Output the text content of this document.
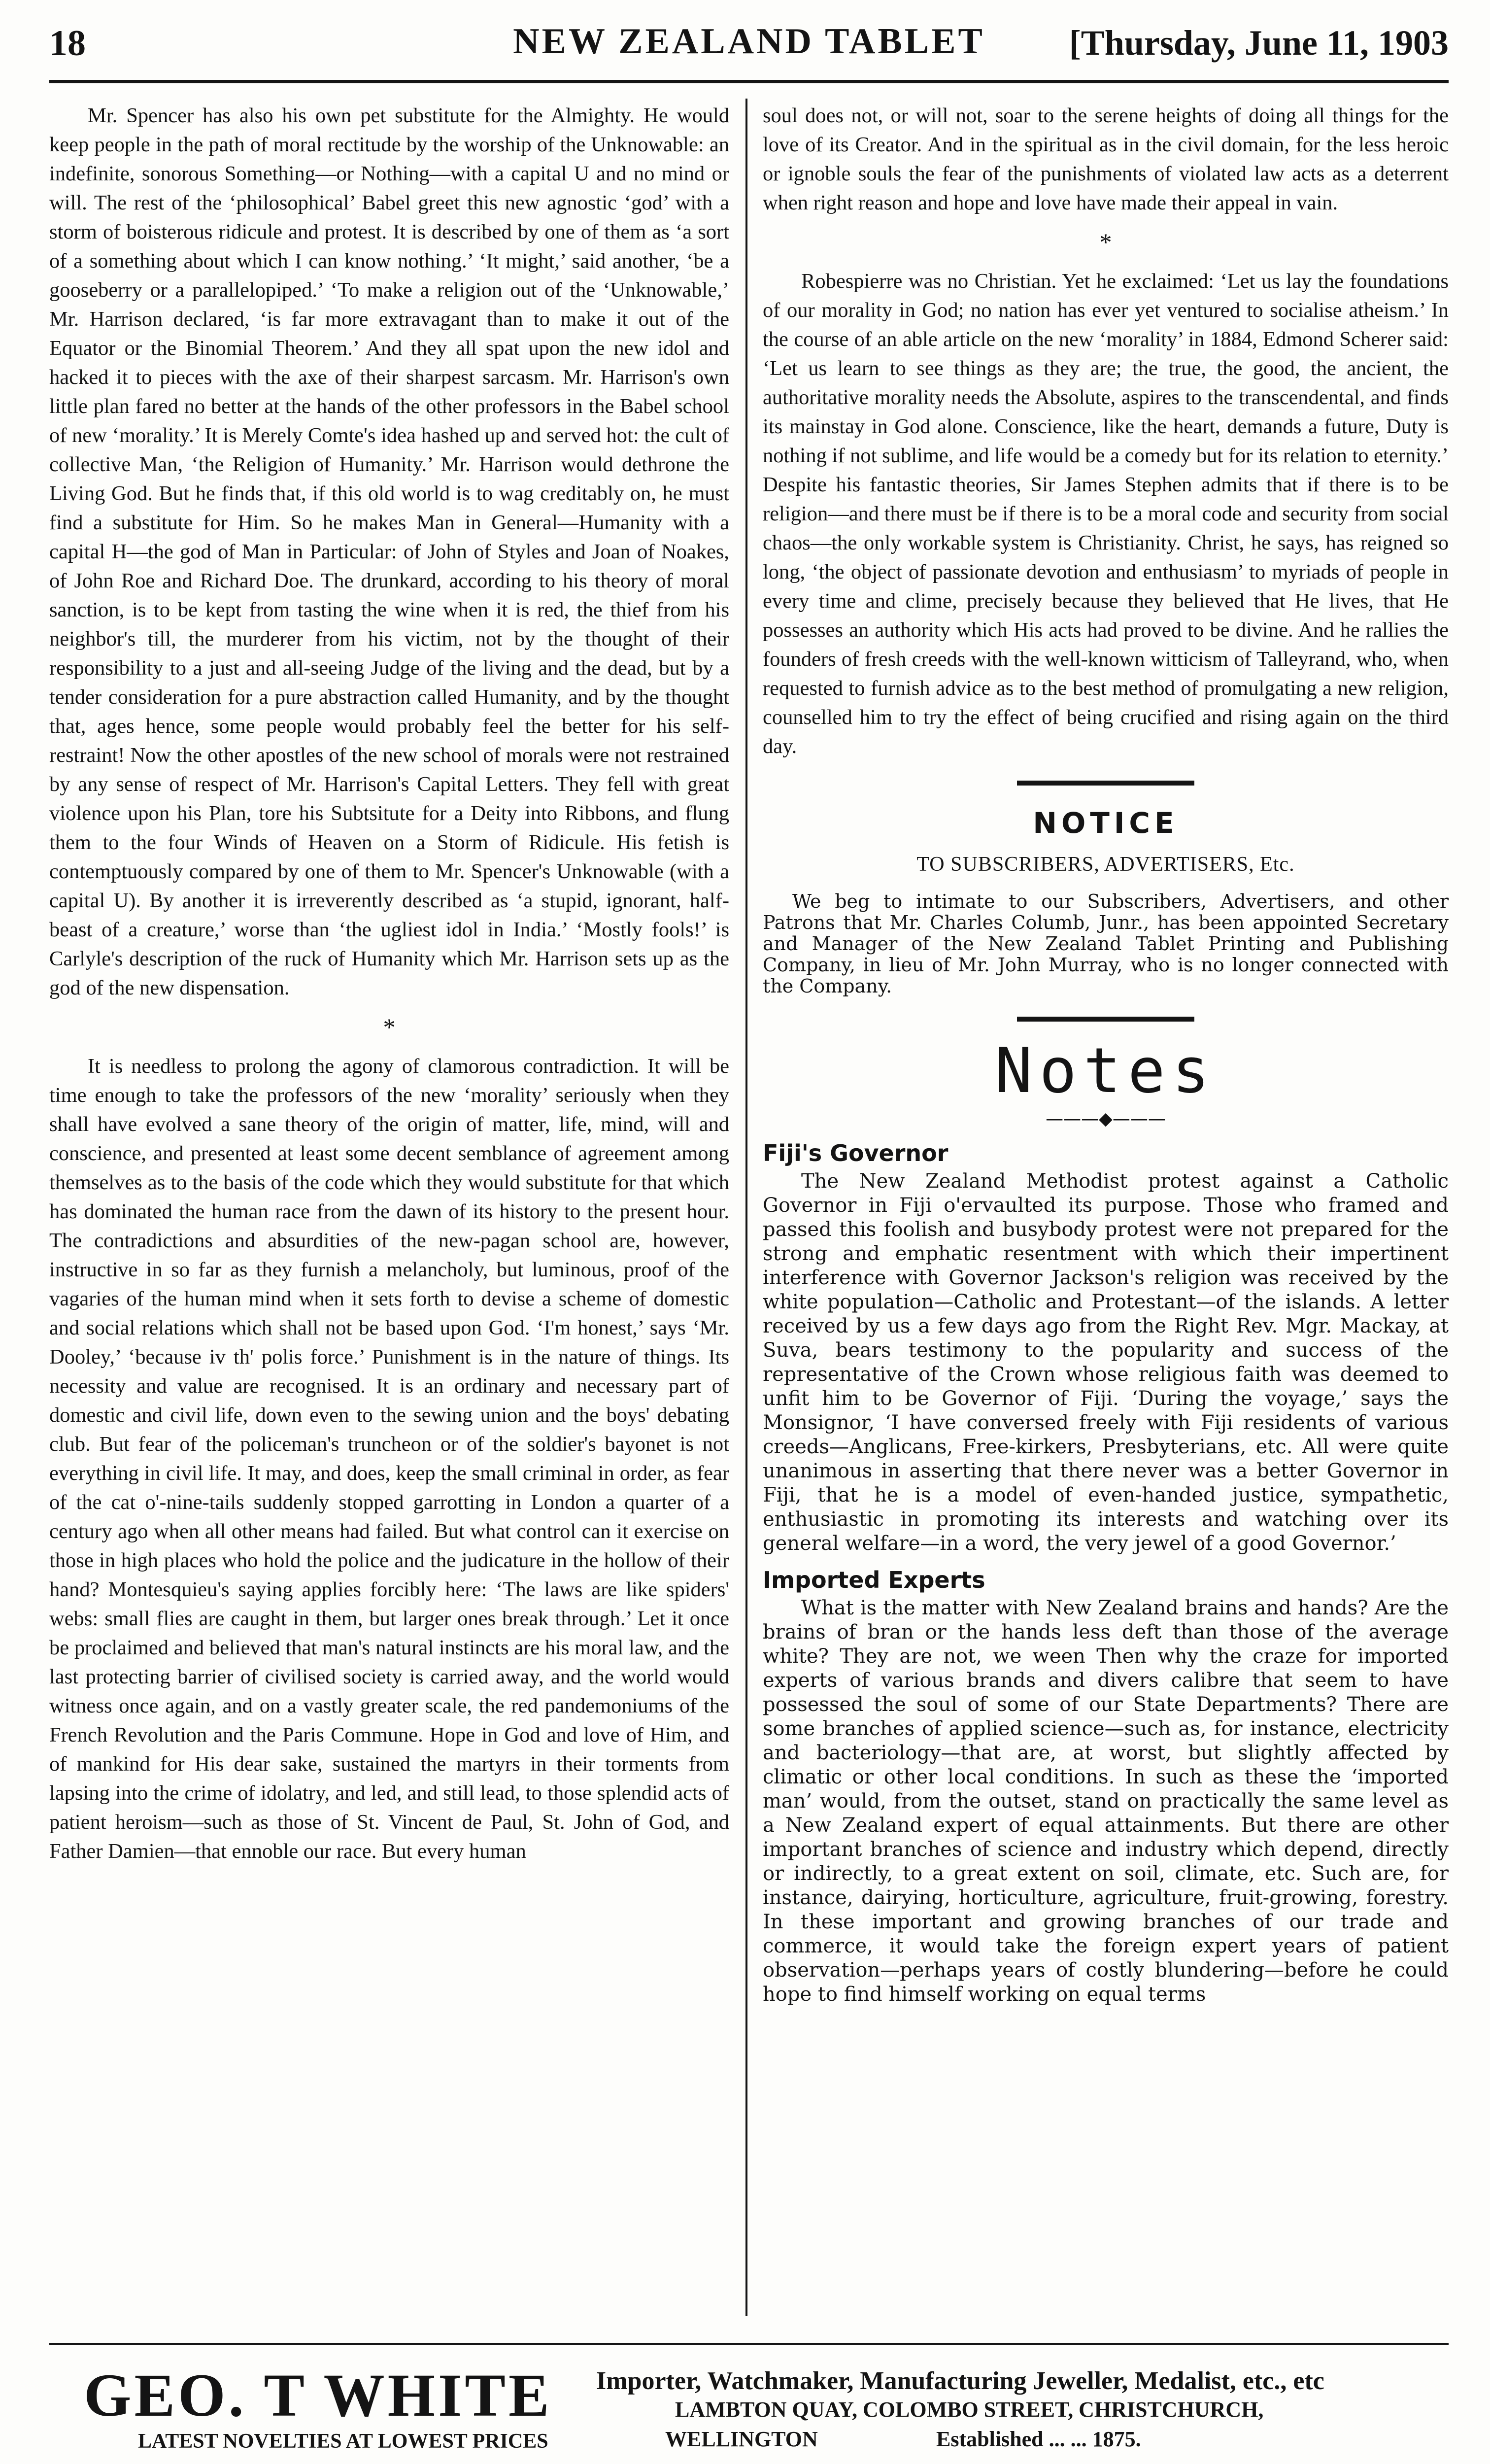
18	NEW ZEALAND TABLET	[Thursday, June 11, 1903

Mr. Spencer has also his own pet substitute for the Almighty. He would keep people in the path of moral rectitude by the worship of the Unknowable: an indefinite, sonorous Something—or Nothing—with a capital U and no mind or will. The rest of the ‘philosophical’ Babel greet this new agnostic ‘god’ with a storm of boisterous ridicule and protest. It is described by one of them as ‘a sort of a something about which I can know nothing.’ ‘It might,’ said another, ‘be a gooseberry or a parallelopiped.’ ‘To make a religion out of the ‘Unknowable,’ Mr. Harrison declared, ‘is far more extravagant than to make it out of the Equator or the Binomial Theorem.’ And they all spat upon the new idol and hacked it to pieces with the axe of their sharpest sarcasm. Mr. Harrison's own little plan fared no better at the hands of the other professors in the Babel school of new ‘morality.’ It is Merely Comte's idea hashed up and served hot: the cult of collective Man, ‘the Religion of Humanity.’ Mr. Harrison would dethrone the Living God. But he finds that, if this old world is to wag creditably on, he must find a substitute for Him. So he makes Man in General—Humanity with a capital H—the god of Man in Particular: of John of Styles and Joan of Noakes, of John Roe and Richard Doe. The drunkard, according to his theory of moral sanction, is to be kept from tasting the wine when it is red, the thief from his neighbor's till, the murderer from his victim, not by the thought of their responsibility to a just and all-seeing Judge of the living and the dead, but by a tender consideration for a pure abstraction called Humanity, and by the thought that, ages hence, some people would probably feel the better for his self-restraint! Now the other apostles of the new school of morals were not restrained by any sense of respect of Mr. Harrison's Capital Letters. They fell with great violence upon his Plan, tore his Subtsitute for a Deity into Ribbons, and flung them to the four Winds of Heaven on a Storm of Ridicule. His fetish is contemptuously compared by one of them to Mr. Spencer's Unknowable (with a capital U). By another it is irreverently described as ‘a stupid, ignorant, half-beast of a creature,’ worse than ‘the ugliest idol in India.’ ‘Mostly fools!’ is Carlyle's description of the ruck of Humanity which Mr. Harrison sets up as the god of the new dispensation.

*

It is needless to prolong the agony of clamorous contradiction. It will be time enough to take the professors of the new ‘morality’ seriously when they shall have evolved a sane theory of the origin of matter, life, mind, will and conscience, and presented at least some decent semblance of agreement among themselves as to the basis of the code which they would substitute for that which has dominated the human race from the dawn of its history to the present hour. The contradictions and absurdities of the new-pagan school are, however, instructive in so far as they furnish a melancholy, but luminous, proof of the vagaries of the human mind when it sets forth to devise a scheme of domestic and social relations which shall not be based upon God. ‘I'm honest,’ says ‘Mr. Dooley,’ ‘because iv th' polis force.’ Punishment is in the nature of things. Its necessity and value are recognised. It is an ordinary and necessary part of domestic and civil life, down even to the sewing union and the boys' debating club. But fear of the policeman's truncheon or of the soldier's bayonet is not everything in civil life. It may, and does, keep the small criminal in order, as fear of the cat o'-nine-tails suddenly stopped garrotting in London a quarter of a century ago when all other means had failed. But what control can it exercise on those in high places who hold the police and the judicature in the hollow of their hand? Montesquieu's saying applies forcibly here: ‘The laws are like spiders' webs: small flies are caught in them, but larger ones break through.’ Let it once be proclaimed and believed that man's natural instincts are his moral law, and the last protecting barrier of civilised society is carried away, and the world would witness once again, and on a vastly greater scale, the red pandemoniums of the French Revolution and the Paris Commune. Hope in God and love of Him, and of mankind for His dear sake, sustained the martyrs in their torments from lapsing into the crime of idolatry, and led, and still lead, to those splendid acts of patient heroism—such as those of St. Vincent de Paul, St. John of God, and Father Damien—that ennoble our race. But every human

soul does not, or will not, soar to the serene heights of doing all things for the love of its Creator. And in the spiritual as in the civil domain, for the less heroic or ignoble souls the fear of the punishments of violated law acts as a deterrent when right reason and hope and love have made their appeal in vain.

*

Robespierre was no Christian. Yet he exclaimed: ‘Let us lay the foundations of our morality in God; no nation has ever yet ventured to socialise atheism.’ In the course of an able article on the new ‘morality’ in 1884, Edmond Scherer said: ‘Let us learn to see things as they are; the true, the good, the ancient, the authoritative morality needs the Absolute, aspires to the transcendental, and finds its mainstay in God alone. Conscience, like the heart, demands a future, Duty is nothing if not sublime, and life would be a comedy but for its relation to eternity.’ Despite his fantastic theories, Sir James Stephen admits that if there is to be religion—and there must be if there is to be a moral code and security from social chaos—the only workable system is Christianity. Christ, he says, has reigned so long, ‘the object of passionate devotion and enthusiasm’ to myriads of people in every time and clime, precisely because they believed that He lives, that He possesses an authority which His acts had proved to be divine. And he rallies the founders of fresh creeds with the well-known witticism of Talleyrand, who, when requested to furnish advice as to the best method of promulgating a new religion, counselled him to try the effect of being crucified and rising again on the third day.

NOTICE
TO SUBSCRIBERS, ADVERTISERS, Etc.

We beg to intimate to our Subscribers, Advertisers, and other Patrons that Mr. Charles Columb, Junr., has been appointed Secretary and Manager of the New Zealand Tablet Printing and Publishing Company, in lieu of Mr. John Murray, who is no longer connected with the Company.

Notes
———◆———
Fiji's Governor

The New Zealand Methodist protest against a Catholic Governor in Fiji o'ervaulted its purpose. Those who framed and passed this foolish and busybody protest were not prepared for the strong and emphatic resentment with which their impertinent interference with Governor Jackson's religion was received by the white population—Catholic and Protestant—of the islands. A letter received by us a few days ago from the Right Rev. Mgr. Mackay, at Suva, bears testimony to the popularity and success of the representative of the Crown whose religious faith was deemed to unfit him to be Governor of Fiji. ‘During the voyage,’ says the Monsignor, ‘I have conversed freely with Fiji residents of various creeds—Anglicans, Free-kirkers, Presbyterians, etc. All were quite unanimous in asserting that there never was a better Governor in Fiji, that he is a model of even-handed justice, sympathetic, enthusiastic in promoting its interests and watching over its general welfare—in a word, the very jewel of a good Governor.’

Imported Experts

What is the matter with New Zealand brains and hands? Are the brains of bran or the hands less deft than those of the average white? They are not, we ween Then why the craze for imported experts of various brands and divers calibre that seem to have possessed the soul of some of our State Departments? There are some branches of applied science—such as, for instance, electricity and bacteriology—that are, at worst, but slightly affected by climatic or other local conditions. In such as these the ‘imported man’ would, from the outset, stand on practically the same level as a New Zealand expert of equal attainments. But there are other important branches of science and industry which depend, directly or indirectly, to a great extent on soil, climate, etc. Such are, for instance, dairying, horticulture, agriculture, fruit-growing, forestry. In these important and growing branches of our trade and commerce, it would take the foreign expert years of patient observation—perhaps years of costly blundering—before he could hope to find himself working on equal terms

GEO. T WHITE
LATEST NOVELTIES AT LOWEST PRICES
Importer, Watchmaker, Manufacturing Jeweller, Medalist, etc., etc
LAMBTON QUAY, COLOMBO STREET, CHRISTCHURCH,
WELLINGTON	Established ... ... 1875.
